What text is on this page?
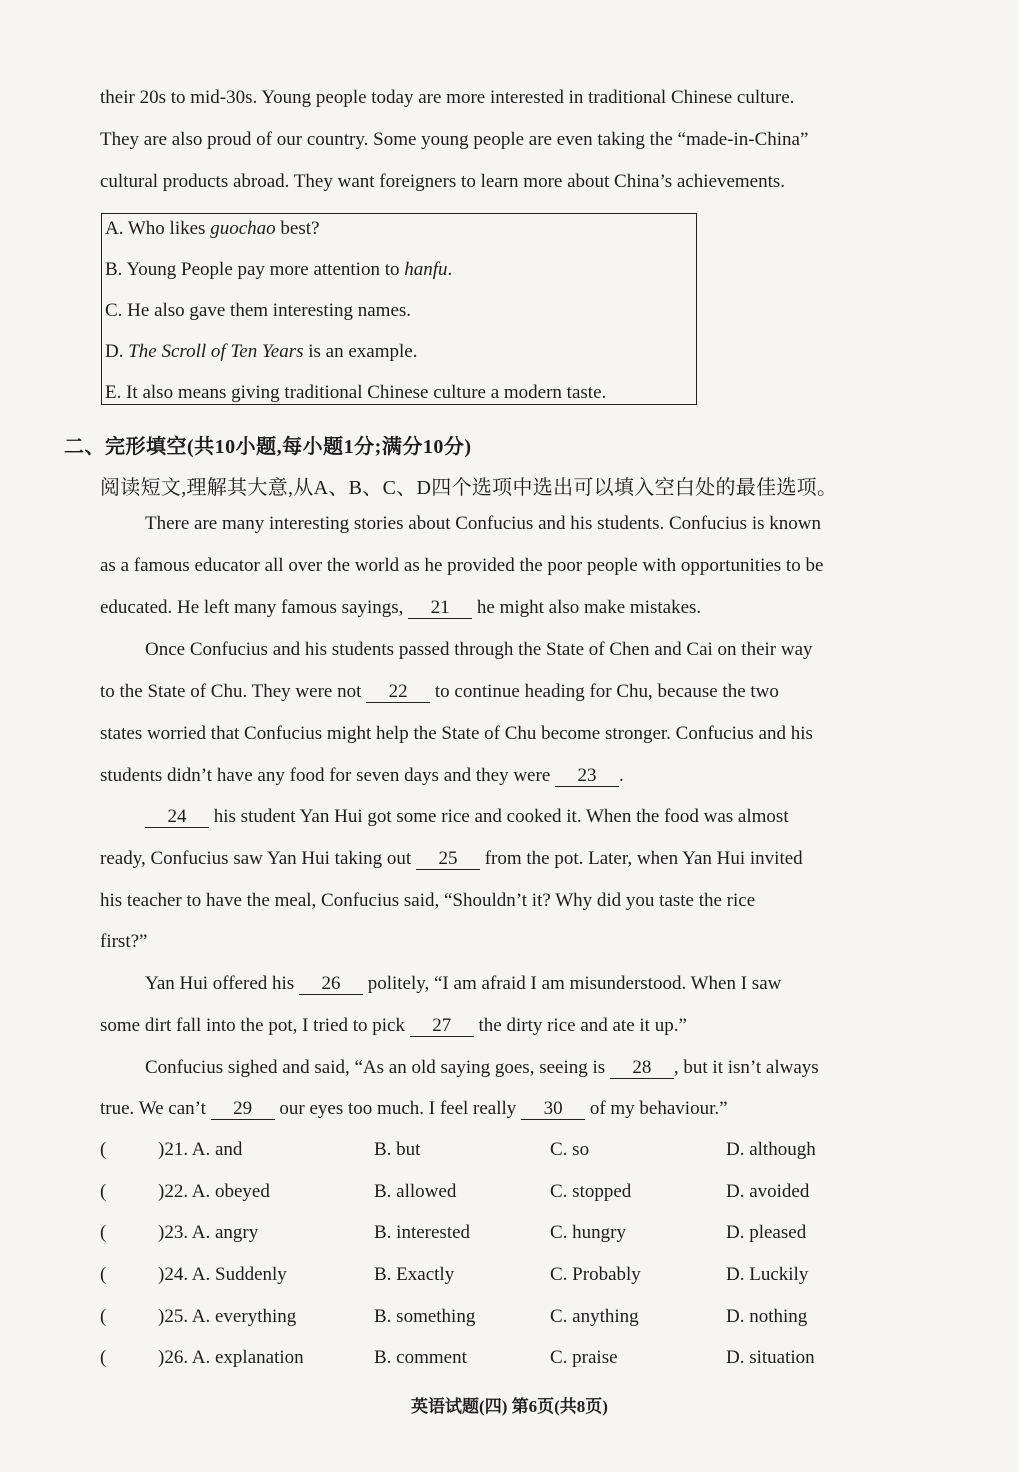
their 20s to mid-30s. Young people today are more interested in traditional Chinese culture.
They are also proud of our country. Some young people are even taking the “made-in-China”
cultural products abroad. They want foreigners to learn more about China’s achievements.
A. Who likes guochao best?
B. Young People pay more attention to hanfu.
C. He also gave them interesting names.
D. The Scroll of Ten Years is an example.
E. It also means giving traditional Chinese culture a modern taste.
二、完形填空(共10小题,每小题1分;满分10分)
阅读短文,理解其大意,从A、B、C、D四个选项中选出可以填入空白处的最佳选项。
There are many interesting stories about Confucius and his students. Confucius is known
as a famous educator all over the world as he provided the poor people with opportunities to be
educated. He left many famous sayings, 21 he might also make mistakes.
Once Confucius and his students passed through the State of Chen and Cai on their way
to the State of Chu. They were not 22 to continue heading for Chu, because the two
states worried that Confucius might help the State of Chu become stronger. Confucius and his
students didn’t have any food for seven days and they were 23 .
24 his student Yan Hui got some rice and cooked it. When the food was almost
ready, Confucius saw Yan Hui taking out 25 from the pot. Later, when Yan Hui invited
his teacher to have the meal, Confucius said, “Shouldn’t it? Why did you taste the rice
first?”
Yan Hui offered his 26 politely, “I am afraid I am misunderstood. When I saw
some dirt fall into the pot, I tried to pick 27 the dirty rice and ate it up.”
Confucius sighed and said, “As an old saying goes, seeing is 28 , but it isn’t always
true. We can’t 29 our eyes too much. I feel really 30 of my behaviour.”
(	)21. A. and	B. but	C. so	D. although
(	)22. A. obeyed	B. allowed	C. stopped	D. avoided
(	)23. A. angry	B. interested	C. hungry	D. pleased
(	)24. A. Suddenly	B. Exactly	C. Probably	D. Luckily
(	)25. A. everything	B. something	C. anything	D. nothing
(	)26. A. explanation	B. comment	C. praise	D. situation
英语试题(四) 第6页(共8页)
